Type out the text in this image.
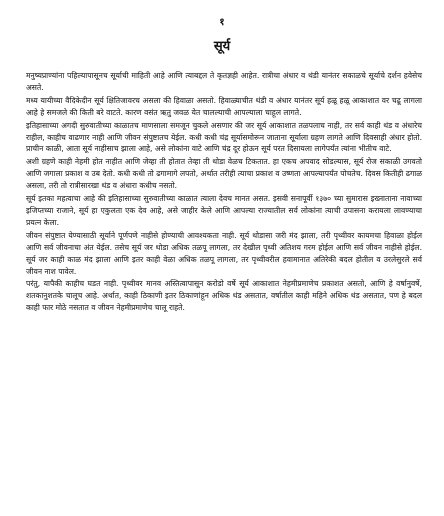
१
सूर्य

मनुष्यप्राण्यांना पहिल्यापासूनच सूर्याची माहिती आहे आणि त्याबद्दल ते कृतज्ञही आहेत. रात्रीचा अंधार व थंडी यानंतर सकाळचे सूर्याचे दर्शन हवेसेच असते.

मध्य यायीच्या वैदिकेदीन सूर्य क्षितिजावरच असला की हिवाळा असतो. हिवाळ्याचीत थंडी व अंधार यानंतर सूर्य हळू हळू आकाशात वर चढू लागला आहे हे समजले की किती बरे वाटते. कारण वसंत ऋतु जवळ येत चालल्याची आपल्याला चाहूल लागते.

इतिहासाच्या अगदी सुरुवातीच्या काळातच माणसाला समजून चुकले असणार की जर सूर्य आकाशात तळपलाच नाही, तर सर्व काही थंड व अंधारेच राहील, काहीच वाढणार नाही आणि जीवन संपुष्टातच येईल. कधी कधी चंद्र सूर्यासमोरून जाताना सूर्याला ग्रहण लागते आणि दिवसाही अंधार होतो. प्राचीन काळी, आता सूर्य नाहीसाच झाला आहे, असे लोकांना वाटे आणि चंद्र दूर होऊन सूर्य परत दिसायला लागेपर्यंत त्यांना भीतीच वाटे.

अशी ग्रहणे काही नेहमी होत नाहीत आणि जेव्हा ती होतात तेव्हा ती थोडा वेळच टिकतात. हा एकच अपवाद सोडल्यास, सूर्य रोज सकाळी उगवतो आणि जगाला प्रकाश व उब देतो. कधी कधी तो ढगामागे लपतो, अर्थात तरीही त्याचा प्रकाश व उष्णता आपल्यापर्यंत पोचतेच. दिवस कितीही ढगाळ असला, तरी तो रात्रीसारखा थंड व अंधारा कधीच नसतो.

सूर्य इतका महत्वाचा आहे की इतिहासाच्या सुरुवातीच्या काळात त्याला देवच मानत असत. इसवी सनापूर्वी १३७० च्या सुमारास इख्नाताना नावाच्या इजिप्तच्या राजाने, सूर्य हा एकुलता एक देव आहे, असे जाहीर केले आणि आपल्या राज्यातील सर्व लोकांना त्याची उपासना करायला लावण्याचा प्रयत्न केला.

जीवन संपुष्टात येण्यासाठी सूर्याने पूर्णपणे नाहीसे होण्याची आवश्यकता नाही. सूर्य थोडासा जरी मंद झाला, तरी पृथ्वीवर कायमचा हिवाळा होईल आणि सर्व जीवनाचा अंत येईल. तसेच सूर्य जर थोडा अधिक तळपू लागला, तर देखील पृथ्वी अतिशय गरम होईल आणि सर्व जीवन नाहीसे होईल. सूर्य जर काही काळ मंद झाला आणि इतर काही वेळा अधिक तळपू लागला, तर पृथ्वीवरील हवामानात अतिरेकी बदल होतील व उरलेसुरले सर्व जीवन नाश पावेल.

परंतु, यापैकी काहीच घडत नाही. पृथ्वीवर मानव अस्तित्वापासून करोडो वर्षे सूर्य आकाशात नेहमीप्रमाणेच प्रकाशत असतो, आणि हे वर्षानुवर्षे, शतकानुशतके चालूच आहे. अर्थात, काही ठिकाणी इतर ठिकाणांहून अधिक थंड असतात, वर्षातील काही महिने अधिक थंड असतात, पण हे बदल काही फार मोठे नसतात व जीवन नेहमीप्रमाणेच चालू राहते.
